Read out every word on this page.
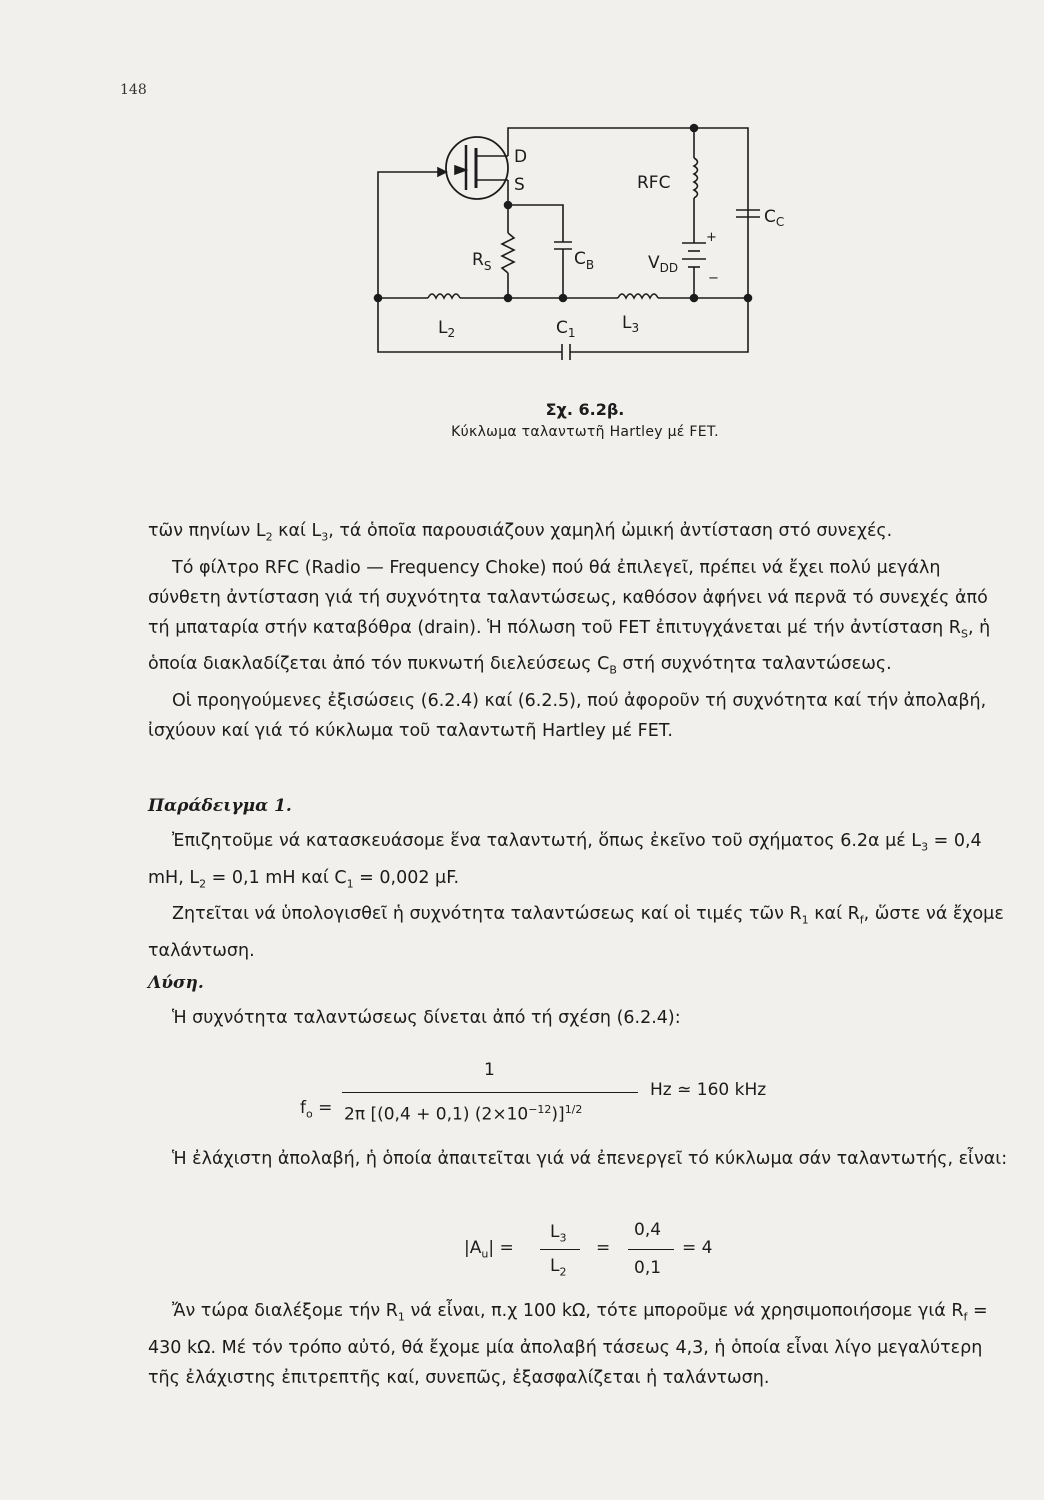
148
D
S	RFC
$C_C$
$R_S$	$C_B$	$V_{DD}$
+
−
$L_2$	$C_1$	$L_3$
Σχ. 6.2β.
Κύκλωμα ταλαντωτῆ Hartley μέ FET.

τῶν πηνίων $L_2$ καί $L_3$, τά ὁποῖα παρουσιάζουν χαμηλή ὠμική ἀντίσταση στό συνεχές.

Τό φίλτρο RFC (Radio — Frequency Choke) πού θά ἐπιλεγεῖ, πρέπει νά ἔχει πολύ μεγάλη σύνθετη ἀντίσταση γιά τή συχνότητα ταλαντώσεως, καθόσον ἀφήνει νά περνᾶ τό συνεχές ἀπό τή μπαταρία στήν καταβόθρα (drain). Ἡ πόλωση τοῦ FET ἐπιτυγχάνεται μέ τήν ἀντίσταση $R_S$, ἡ ὁποία διακλαδίζεται ἀπό τόν πυκνωτή διελεύσεως $C_B$ στή συχνότητα ταλαντώσεως.

Οἱ προηγούμενες ἐξισώσεις (6.2.4) καί (6.2.5), πού ἀφοροῦν τή συχνότητα καί τήν ἀπολαβή, ἰσχύουν καί γιά τό κύκλωμα τοῦ ταλαντωτῆ Hartley μέ FET.

Παράδειγμα 1.

Ἐπιζητοῦμε νά κατασκευάσομε ἕνα ταλαντωτή, ὅπως ἐκεῖνο τοῦ σχήματος 6.2α μέ $L_3 = 0,4$ mH, $L_2 = 0,1$ mH καί $C_1 = 0,002$ μF.

Ζητεῖται νά ὑπολογισθεῖ ἡ συχνότητα ταλαντώσεως καί οἱ τιμές τῶν $R_1$ καί $R_f$, ὥστε νά ἔχομε ταλάντωση.

Λύση.

Ἡ συχνότητα ταλαντώσεως δίνεται ἀπό τή σχέση (6.2.4):

$f_o$ =
1
2π [(0,4 + 0,1) $(2\times 10^{-12})]^{1/2}$
Hz ≃ 160 kHz

Ἡ ἐλάχιστη ἀπολαβή, ἡ ὁποία ἀπαιτεῖται γιά νά ἐπενεργεῖ τό κύκλωμα σάν ταλαντωτής, εἶναι:

$|A_u|$ =
$L_3$
$L_2$
=
0,4
0,1
= 4

Ἄν τώρα διαλέξομε τήν $R_1$ νά εἶναι, π.χ 100 kΩ, τότε μποροῦμε νά χρησιμοποιήσομε γιά $R_f = 430$ kΩ. Μέ τόν τρόπο αὐτό, θά ἔχομε μία ἀπολαβή τάσεως 4,3, ἡ ὁποία εἶναι λίγο μεγαλύτερη τῆς ἐλάχιστης ἐπιτρεπτῆς καί, συνεπῶς, ἐξασφαλίζεται ἡ ταλάντωση.
